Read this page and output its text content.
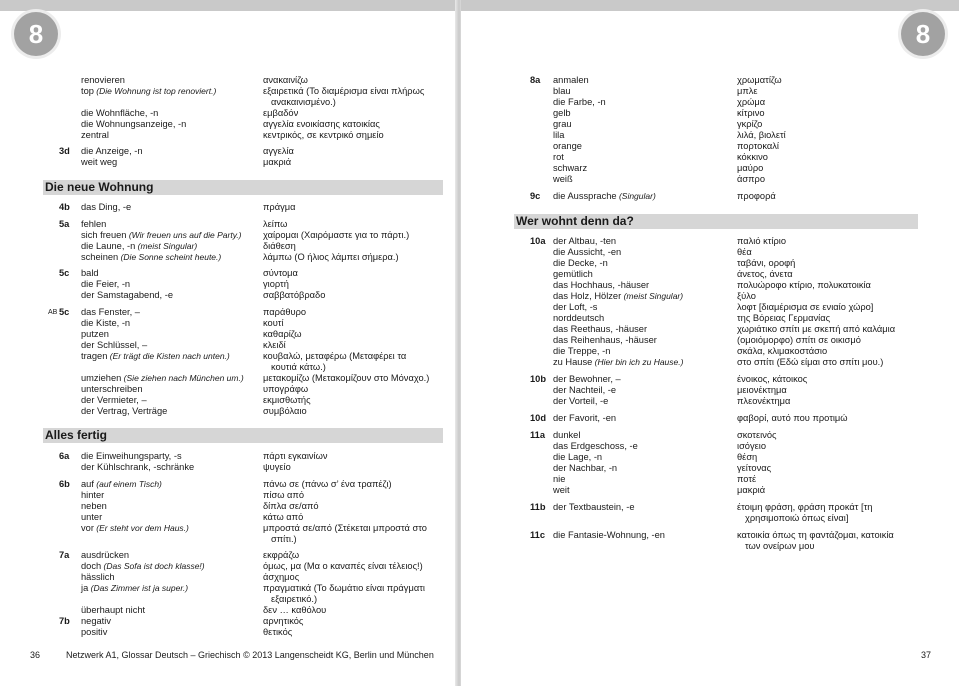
8
Die neue Wohnung
Alles fertig
renovieren	ανακαινίζω
top (Die Wohnung ist top renoviert.)	εξαιρετικά (Το διαμέρισμα είναι πλήρως
ανακαινισμένο.)
die Wohnfläche, -n	εμβαδόν
die Wohnungsanzeige, -n	αγγελία ενοικίασης κατοικίας
zentral	κεντρικός, σε κεντρικό σημείο
3d die Anzeige, -n	αγγελία
weit weg	μακριά
4b das Ding, -e	πράγμα
5a fehlen	λείπω
sich freuen (Wir freuen uns auf die Party.) χαίρομαι (Χαιρόμαστε για το πάρτι.)
die Laune, -n (meist Singular)	διάθεση
scheinen (Die Sonne scheint heute.)	λάμπω (Ο ήλιος λάμπει σήμερα.)
5c bald	σύντομα
die Feier, -n	γιορτή
der Samstagabend, -e	σαββατόβραδο
AB 5c das Fenster, –	παράθυρο
die Kiste, -n	κουτί
putzen	καθαρίζω
der Schlüssel, –	κλειδί
tragen (Er trägt die Kisten nach unten.)	κουβαλώ, μεταφέρω (Μεταφέρει τα
κουτιά κάτω.)
umziehen (Sie ziehen nach München um.) μετακομίζω (Μετακομίζουν στο Μόναχο.)
unterschreiben	υπογράφω
der Vermieter, –	εκμισθωτής
der Vertrag, Verträge	συμβόλαιο
6a die Einweihungsparty, -s	πάρτι εγκαινίων
der Kühlschrank, -schränke	ψυγείο
6b auf (auf einem Tisch)	πάνω σε (πάνω σ’ ένα τραπέζι)
hinter	πίσω από
neben	δίπλα σε/από
unter	κάτω από
vor (Er steht vor dem Haus.)	μπροστά σε/από (Στέκεται μπροστά στο
σπίτι.)
7a ausdrücken	εκφράζω
doch (Das Sofa ist doch klasse!)	όμως, μα (Μα ο καναπές είναι τέλειος!)
hässlich	άσχημος
ja (Das Zimmer ist ja super.)	πραγματικά (Το δωμάτιο είναι πράγματι
εξαιρετικό.)
überhaupt nicht	δεν … καθόλου
7b negativ	αρνητικός
positiv	θετικός
36	Netzwerk A1, Glossar Deutsch – Griechisch © 2013 Langenscheidt KG, Berlin und München
8
Wer wohnt denn da?
8a anmalen	χρωματίζω
blau	μπλε
die Farbe, -n	χρώμα
gelb	κίτρινο
grau	γκρίζο
lila	λιλά, βιολετί
orange	πορτοκαλί
rot	κόκκινο
schwarz	μαύρο
weiß	άσπρο
9c die Aussprache (Singular)	προφορά
10a der Altbau, -ten	παλιό κτίριο
die Aussicht, -en	θέα
die Decke, -n	ταβάνι, οροφή
gemütlich	άνετος, άνετα
das Hochhaus, -häuser	πολυώροφο κτίριο, πολυκατοικία
das Holz, Hölzer (meist Singular)	ξύλο
der Loft, -s	λοφτ [διαμέρισμα σε ενιαίο χώρο]
norddeutsch	της Βόρειας Γερμανίας
das Reethaus, -häuser	χωριάτικο σπίτι με σκεπή από καλάμια
das Reihenhaus, -häuser	(ομοιόμορφο) σπίτι σε οικισμό
die Treppe, -n	σκάλα, κλιμακοστάσιο
zu Hause (Hier bin ich zu Hause.)	στο σπίτι (Εδώ είμαι στο σπίτι μου.)
10b der Bewohner, –	ένοικος, κάτοικος
der Nachteil, -e	μειονέκτημα
der Vorteil, -e	πλεονέκτημα
10d der Favorit, -en	φαβορί, αυτό που προτιμώ
11a dunkel	σκοτεινός
das Erdgeschoss, -e	ισόγειο
die Lage, -n	θέση
der Nachbar, -n	γείτονας
nie	ποτέ
weit	μακριά
11b der Textbaustein, -e	έτοιμη φράση, φράση προκάτ [τη
χρησιμοποιώ όπως είναι]
11c die Fantasie-Wohnung, -en	κατοικία όπως τη φαντάζομαι, κατοικία
των ονείρων μου
37
